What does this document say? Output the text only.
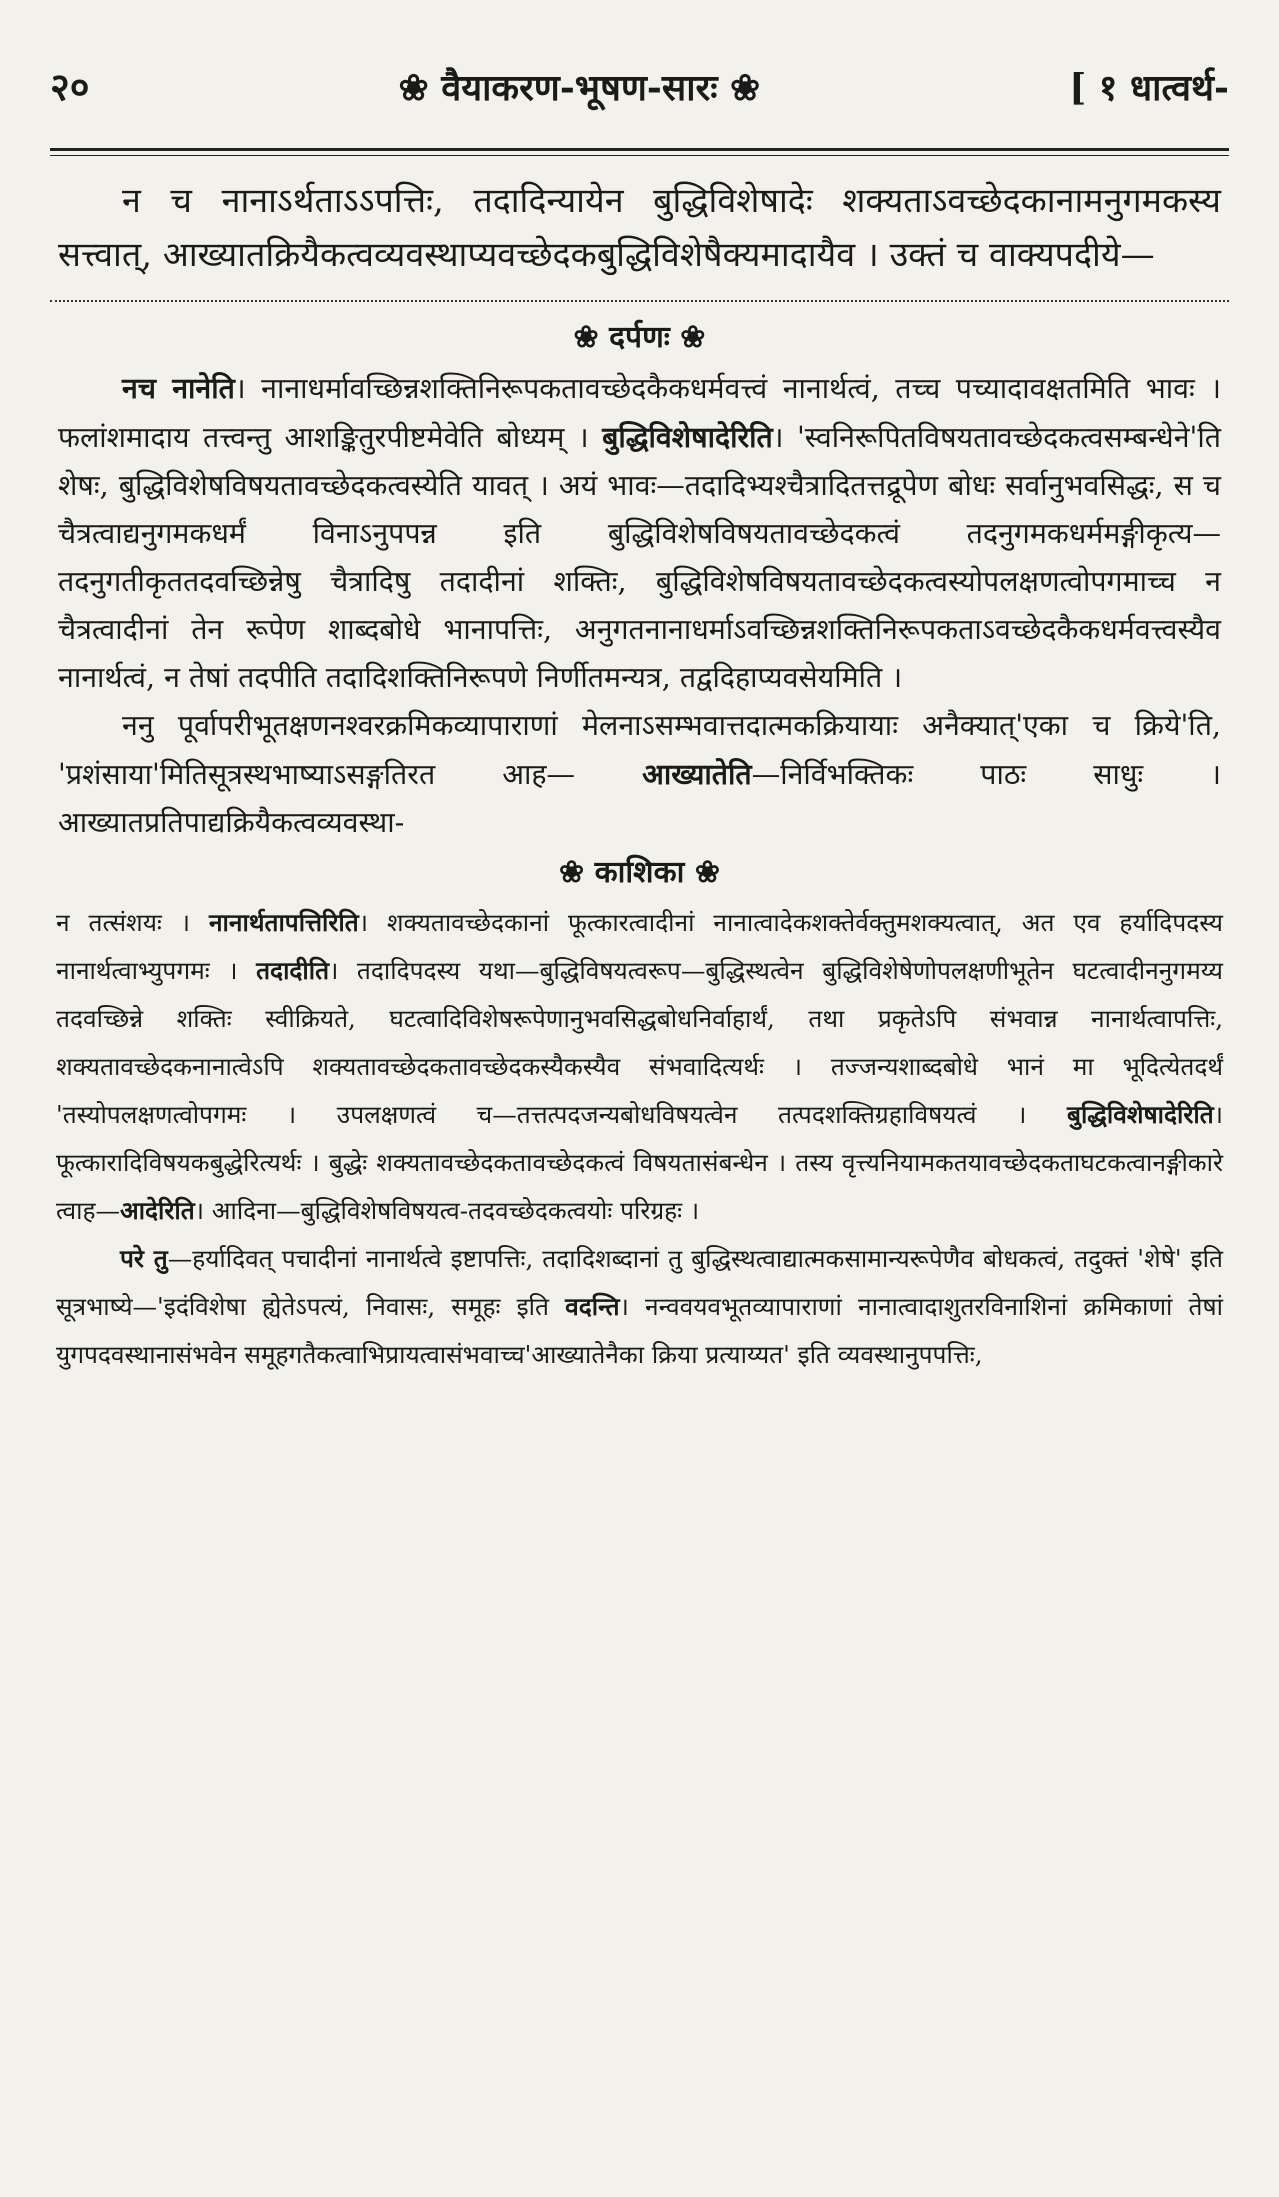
२०	❀ वैयाकरण-भूषण-सारः ❀	[ १ धात्वर्थ-

न च नानाऽर्थताऽऽपत्तिः, तदादिन्यायेन बुद्धिविशेषादेः शक्यताऽवच्छेदकानामनुगमकस्य सत्त्वात्, आख्यातक्रियैकत्वव्यवस्थाप्यवच्छेदकबुद्धिविशेषैक्यमादायैव । उक्तं च वाक्यपदीये—

❀ दर्पणः ❀

नच नानेति। नानाधर्मावच्छिन्नशक्तिनिरूपकतावच्छेदकैकधर्मवत्त्वं नानार्थत्वं, तच्च पच्यादावक्षतमिति भावः । फलांशमादाय तत्त्वन्तु आशङ्कितुरपीष्टमेवेति बोध्यम् । बुद्धिविशेषादेरिति। 'स्वनिरूपितविषयतावच्छेदकत्वसम्बन्धेने'ति शेषः, बुद्धिविशेषविषयतावच्छेदकत्वस्येति यावत् । अयं भावः—तदादिभ्यश्चैत्रादितत्तद्रूपेण बोधः सर्वानुभवसिद्धः, स च चैत्रत्वाद्यनुगमकधर्मं विनाऽनुपपन्न इति बुद्धिविशेषविषयतावच्छेदकत्वं तदनुगमकधर्ममङ्गीकृत्य—तदनुगतीकृततदवच्छिन्नेषु चैत्रादिषु तदादीनां शक्तिः, बुद्धिविशेषविषयतावच्छेदकत्वस्योपलक्षणत्वोपगमाच्च न चैत्रत्वादीनां तेन रूपेण शाब्दबोधे भानापत्तिः, अनुगतनानाधर्माऽवच्छिन्नशक्तिनिरूपकताऽवच्छेदकैकधर्मवत्त्वस्यैव नानार्थत्वं, न तेषां तदपीति तदादिशक्तिनिरूपणे निर्णीतमन्यत्र, तद्वदिहाप्यवसेयमिति ।

ननु पूर्वापरीभूतक्षणनश्वरक्रमिकव्यापाराणां मेलनाऽसम्भवात्तदात्मकक्रियायाः अनैक्यात्'एका च क्रिये'ति, 'प्रशंसाया'मितिसूत्रस्थभाष्याऽसङ्गतिरत आह— आख्यातेति—निर्विभक्तिकः पाठः साधुः । आख्यातप्रतिपाद्यक्रियैकत्वव्यवस्था-

❀ काशिका ❀

न तत्संशयः । नानार्थतापत्तिरिति। शक्यतावच्छेदकानां फूत्कारत्वादीनां नानात्वादेकशक्तेर्वक्तुमशक्यत्वात्, अत एव हर्यादिपदस्य नानार्थत्वाभ्युपगमः । तदादीति। तदादिपदस्य यथा—बुद्धिविषयत्वरूप—बुद्धिस्थत्वेन बुद्धिविशेषेणोपलक्षणीभूतेन घटत्वादीननुगमय्य तदवच्छिन्ने शक्तिः स्वीक्रियते, घटत्वादिविशेषरूपेणानुभवसिद्धबोधनिर्वाहार्थं, तथा प्रकृतेऽपि संभवान्न नानार्थत्वापत्तिः, शक्यतावच्छेदकनानात्वेऽपि शक्यतावच्छेदकतावच्छेदकस्यैकस्यैव संभवादित्यर्थः । तज्जन्यशाब्दबोधे भानं मा भूदित्येतदर्थं 'तस्योपलक्षणत्वोपगमः । उपलक्षणत्वं च—तत्तत्पदजन्यबोधविषयत्वेन तत्पदशक्तिग्रहाविषयत्वं । बुद्धिविशेषादेरिति। फूत्कारादिविषयकबुद्धेरित्यर्थः । बुद्धेः शक्यतावच्छेदकतावच्छेदकत्वं विषयतासंबन्धेन । तस्य वृत्त्यनियामकतयावच्छेदकताघटकत्वानङ्गीकारे त्वाह—आदेरिति। आदिना—बुद्धिविशेषविषयत्व-तदवच्छेदकत्वयोः परिग्रहः ।

परे तु—हर्यादिवत् पचादीनां नानार्थत्वे इष्टापत्तिः, तदादिशब्दानां तु बुद्धिस्थत्वाद्यात्मकसामान्यरूपेणैव बोधकत्वं, तदुक्तं 'शेषे' इति सूत्रभाष्ये—'इदंविशेषा ह्येतेऽपत्यं, निवासः, समूहः इति वदन्ति। नन्ववयवभूतव्यापाराणां नानात्वादाशुतरविनाशिनां क्रमिकाणां तेषां युगपदवस्थानासंभवेन समूहगतैकत्वाभिप्रायत्वासंभवाच्च'आख्यातेनैका क्रिया प्रत्याय्यत' इति व्यवस्थानुपपत्तिः,
